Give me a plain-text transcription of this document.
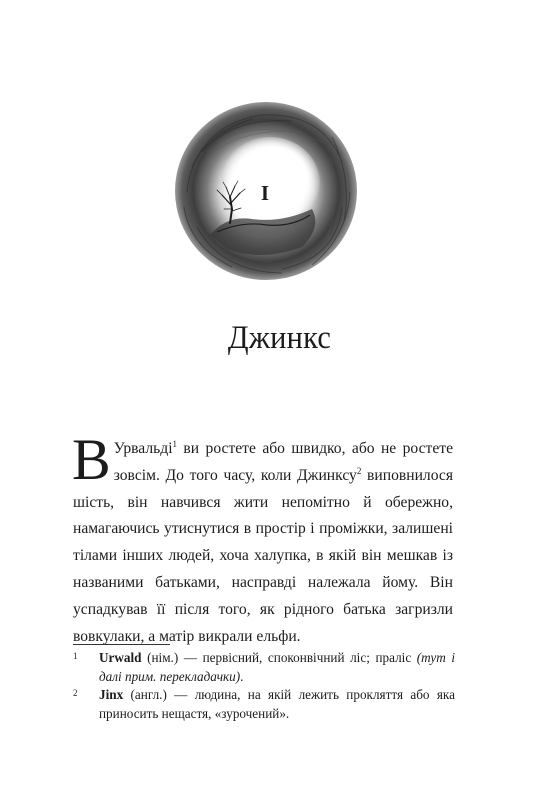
I
Джинкс

В Урвальді$^1$ ви ростете або швидко, або не ростете зовсім. До того часу, коли Джинксу$^2$ виповнилося шість, він навчився жити непомітно й обережно, намагаючись утиснутися в простір і проміжки, залишені тілами інших людей, хоча халупка, в якій він мешкав із названими батьками, насправді належала йому. Він успадкував її після того, як рідного батька загризли вовкулаки, а матір викрали ельфи.

1 Urwald (нім.) — первісний, споконвічний ліс; праліс (тут і далі прим. перекладачки).
2 Jinx (англ.) — людина, на якій лежить прокляття або яка приносить нещастя, «зурочений».
